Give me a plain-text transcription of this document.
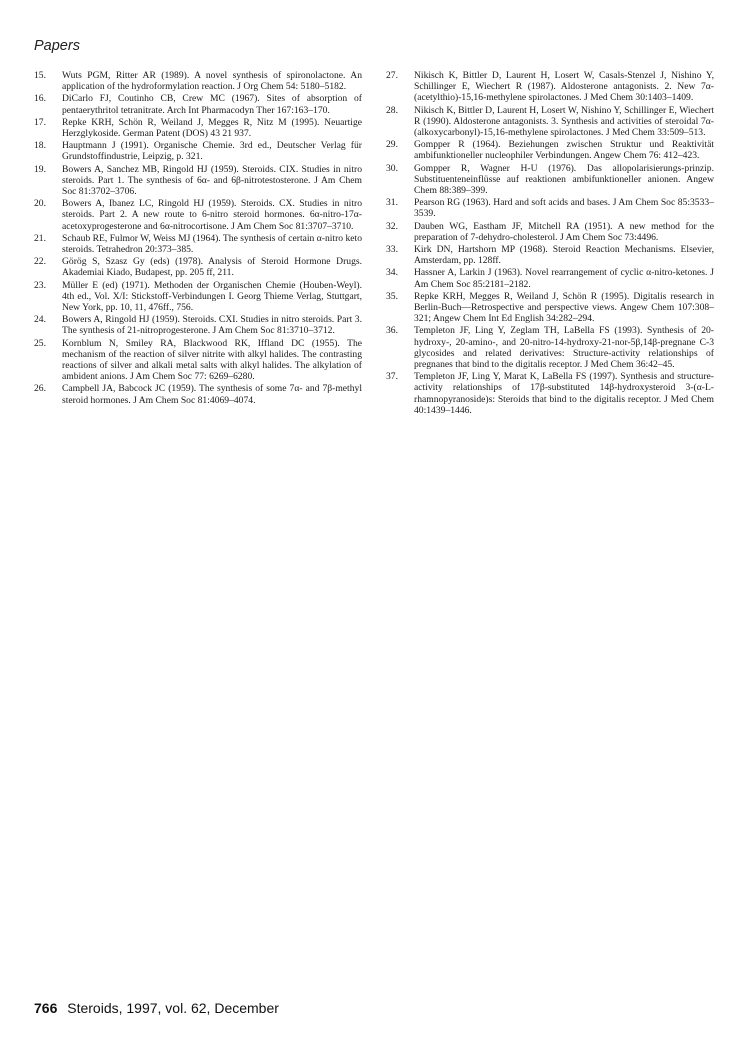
Papers
15.	Wuts PGM, Ritter AR (1989). A novel synthesis of spironolactone. An application of the hydroformylation reaction. J Org Chem 54: 5180–5182.
16.	DiCarlo FJ, Coutinho CB, Crew MC (1967). Sites of absorption of pentaerythritol tetranitrate. Arch Int Pharmacodyn Ther 167:163–170.
17.	Repke KRH, Schön R, Weiland J, Megges R, Nitz M (1995). Neuartige Herzglykoside. German Patent (DOS) 43 21 937.
18.	Hauptmann J (1991). Organische Chemie. 3rd ed., Deutscher Verlag für Grundstoffindustrie, Leipzig, p. 321.
19.	Bowers A, Sanchez MB, Ringold HJ (1959). Steroids. CIX. Studies in nitro steroids. Part 1. The synthesis of 6α- and 6β-nitrotestosterone. J Am Chem Soc 81:3702–3706.
20.	Bowers A, Ibanez LC, Ringold HJ (1959). Steroids. CX. Studies in nitro steroids. Part 2. A new route to 6-nitro steroid hormones. 6α-nitro-17α-acetoxyprogesterone and 6α-nitrocortisone. J Am Chem Soc 81:3707–3710.
21.	Schaub RE, Fulmor W, Weiss MJ (1964). The synthesis of certain α-nitro keto steroids. Tetrahedron 20:373–385.
22.	Görög S, Szasz Gy (eds) (1978). Analysis of Steroid Hormone Drugs. Akademiai Kiado, Budapest, pp. 205 ff, 211.
23.	Müller E (ed) (1971). Methoden der Organischen Chemie (Houben-Weyl). 4th ed., Vol. X/I: Stickstoff-Verbindungen I. Georg Thieme Verlag, Stuttgart, New York, pp. 10, 11, 476ff., 756.
24.	Bowers A, Ringold HJ (1959). Steroids. CXI. Studies in nitro steroids. Part 3. The synthesis of 21-nitroprogesterone. J Am Chem Soc 81:3710–3712.
25.	Kornblum N, Smiley RA, Blackwood RK, Iffland DC (1955). The mechanism of the reaction of silver nitrite with alkyl halides. The contrasting reactions of silver and alkali metal salts with alkyl halides. The alkylation of ambident anions. J Am Chem Soc 77: 6269–6280.
26.	Campbell JA, Babcock JC (1959). The synthesis of some 7α- and 7β-methyl steroid hormones. J Am Chem Soc 81:4069–4074.
27.	Nikisch K, Bittler D, Laurent H, Losert W, Casals-Stenzel J, Nishino Y, Schillinger E, Wiechert R (1987). Aldosterone antagonists. 2. New 7α-(acetylthio)-15,16-methylene spirolactones. J Med Chem 30:1403–1409.
28.	Nikisch K, Bittler D, Laurent H, Losert W, Nishino Y, Schillinger E, Wiechert R (1990). Aldosterone antagonists. 3. Synthesis and activities of steroidal 7α-(alkoxycarbonyl)-15,16-methylene spirolactones. J Med Chem 33:509–513.
29.	Gompper R (1964). Beziehungen zwischen Struktur und Reaktivität ambifunktioneller nucleophiler Verbindungen. Angew Chem 76: 412–423.
30.	Gompper R, Wagner H-U (1976). Das allopolarisierungs-prinzip. Substituenteneinflüsse auf reaktionen ambifunktioneller anionen. Angew Chem 88:389–399.
31.	Pearson RG (1963). Hard and soft acids and bases. J Am Chem Soc 85:3533–3539.
32.	Dauben WG, Eastham JF, Mitchell RA (1951). A new method for the preparation of 7-dehydro-cholesterol. J Am Chem Soc 73:4496.
33.	Kirk DN, Hartshorn MP (1968). Steroid Reaction Mechanisms. Elsevier, Amsterdam, pp. 128ff.
34.	Hassner A, Larkin J (1963). Novel rearrangement of cyclic α-nitro-ketones. J Am Chem Soc 85:2181–2182.
35.	Repke KRH, Megges R, Weiland J, Schön R (1995). Digitalis research in Berlin-Buch—Retrospective and perspective views. Angew Chem 107:308–321; Angew Chem Int Ed English 34:282–294.
36.	Templeton JF, Ling Y, Zeglam TH, LaBella FS (1993). Synthesis of 20-hydroxy-, 20-amino-, and 20-nitro-14-hydroxy-21-nor-5β,14β-pregnane C-3 glycosides and related derivatives: Structure-activity relationships of pregnanes that bind to the digitalis receptor. J Med Chem 36:42–45.
37.	Templeton JF, Ling Y, Marat K, LaBella FS (1997). Synthesis and structure-activity relationships of 17β-substituted 14β-hydroxysteroid 3-(α-L-rhamnopyranoside)s: Steroids that bind to the digitalis receptor. J Med Chem 40:1439–1446.
766 Steroids, 1997, vol. 62, December
